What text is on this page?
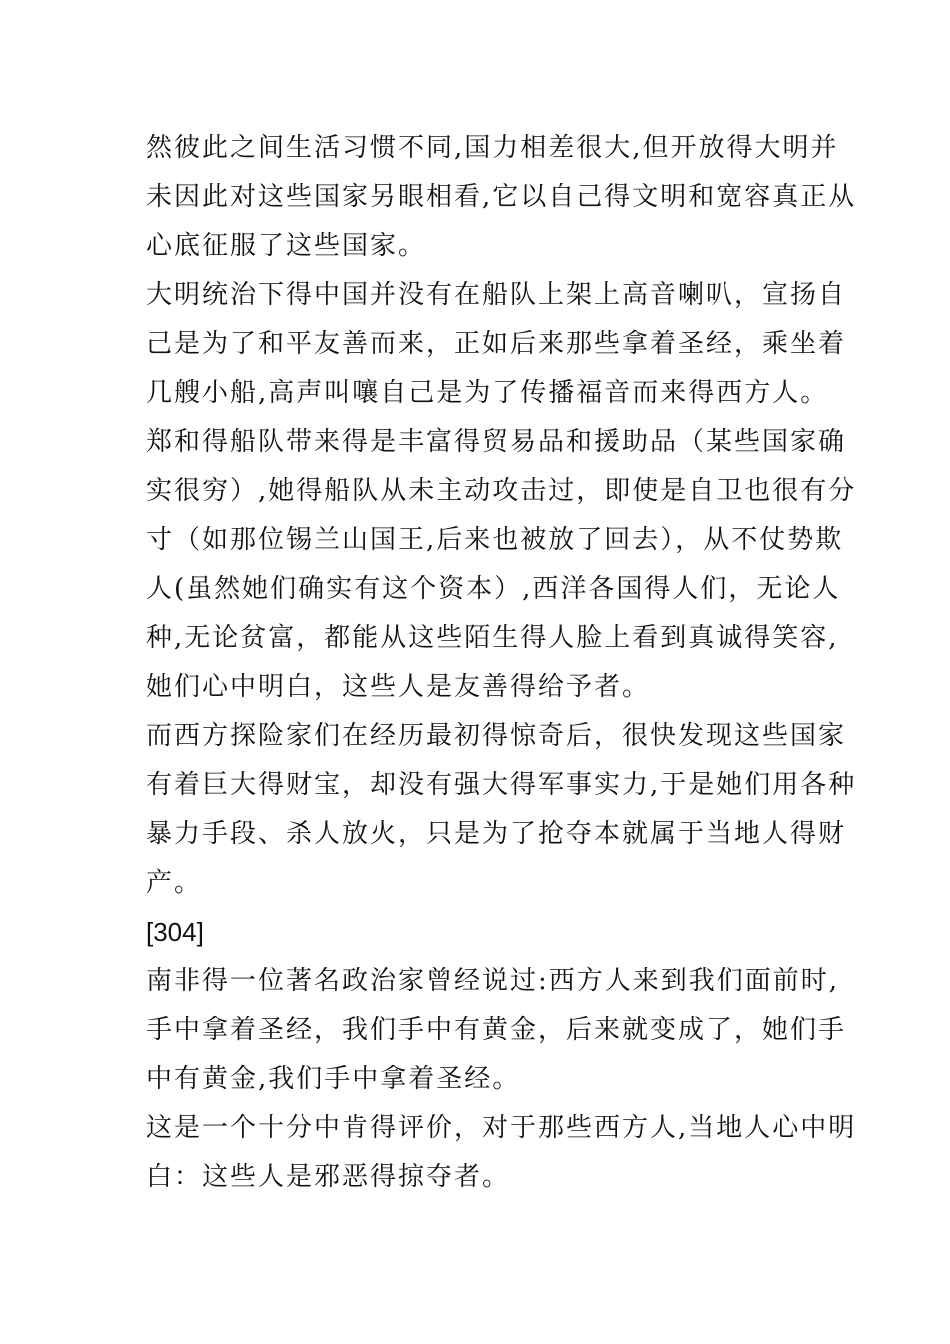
然彼此之间生活习惯不同,国力相差很大,但开放得大明并
未因此对这些国家另眼相看,它以自己得文明和宽容真正从
心底征服了这些国家。
大明统治下得中国并没有在船队上架上高音喇叭，宣扬自
己是为了和平友善而来，正如后来那些拿着圣经，乘坐着
几艘小船,高声叫嚷自己是为了传播福音而来得西方人。
郑和得船队带来得是丰富得贸易品和援助品（某些国家确
实很穷）,她得船队从未主动攻击过，即使是自卫也很有分
寸（如那位锡兰山国王,后来也被放了回去），从不仗势欺
人(虽然她们确实有这个资本）,西洋各国得人们，无论人
种,无论贫富，都能从这些陌生得人脸上看到真诚得笑容,
她们心中明白，这些人是友善得给予者。
而西方探险家们在经历最初得惊奇后，很快发现这些国家
有着巨大得财宝，却没有强大得军事实力,于是她们用各种
暴力手段、杀人放火，只是为了抢夺本就属于当地人得财
产。
[304]
南非得一位著名政治家曾经说过:西方人来到我们面前时,
手中拿着圣经，我们手中有黄金，后来就变成了，她们手
中有黄金,我们手中拿着圣经。
这是一个十分中肯得评价，对于那些西方人,当地人心中明
白：这些人是邪恶得掠夺者。
